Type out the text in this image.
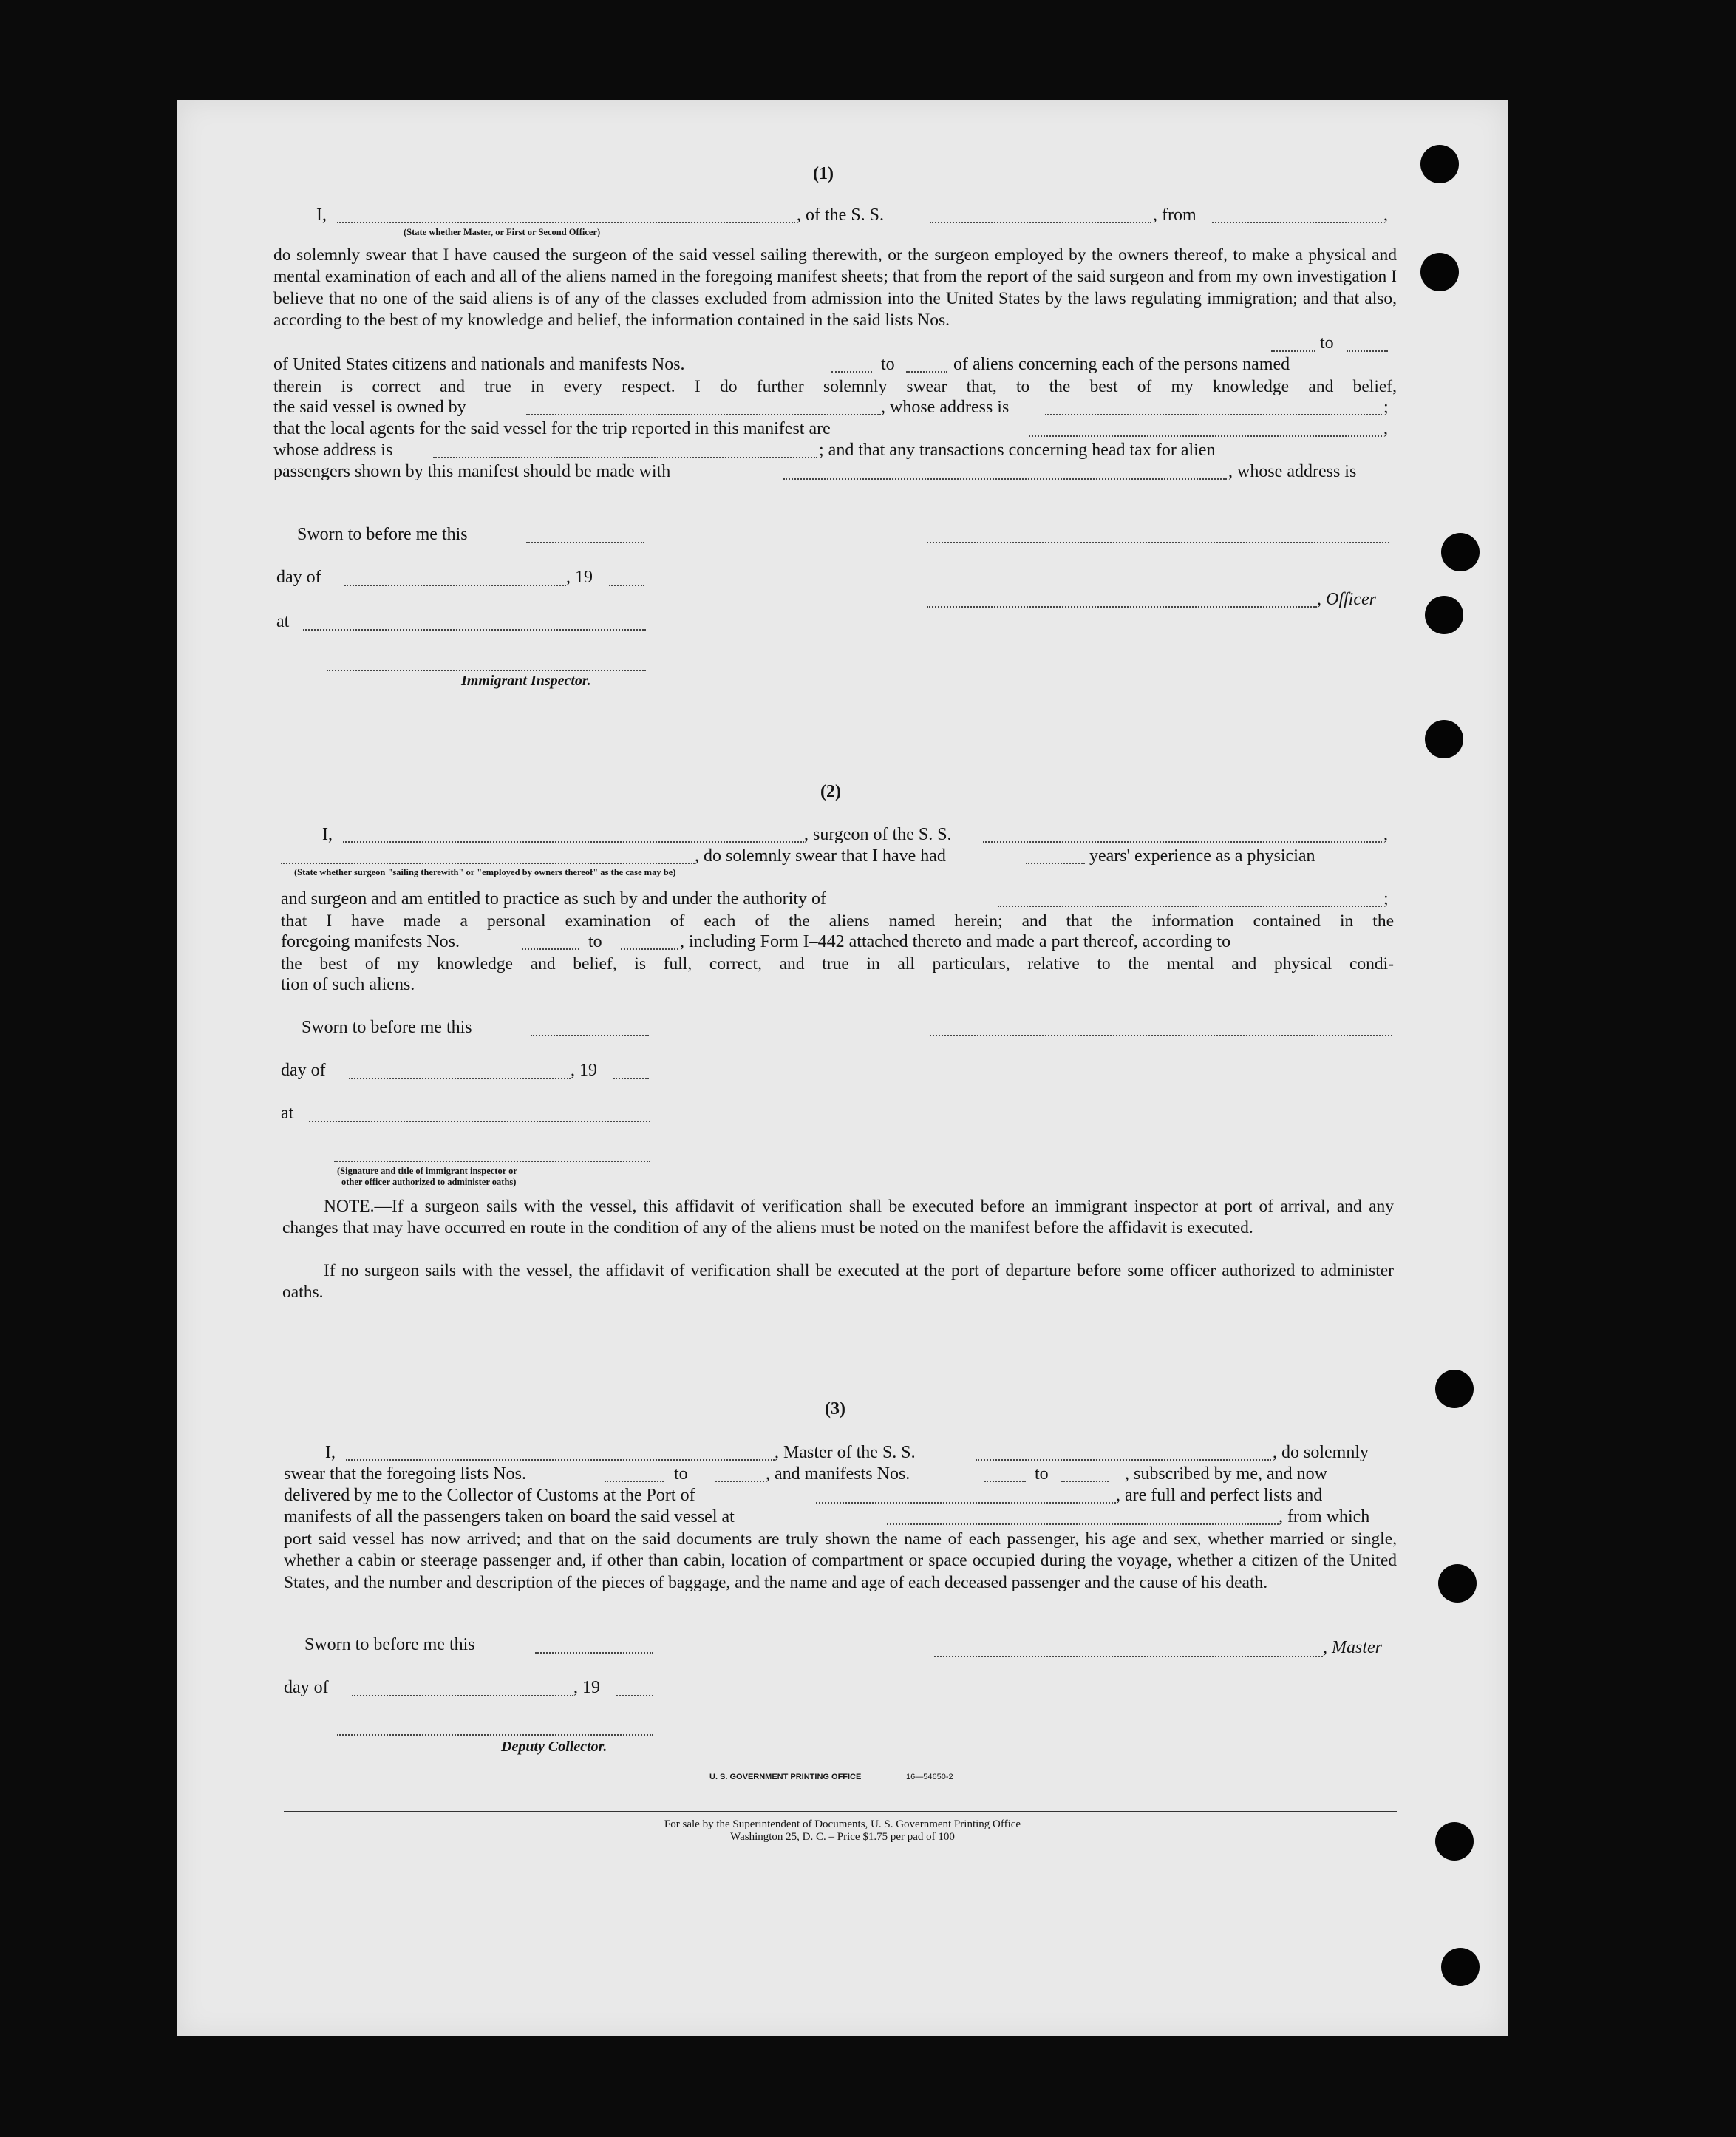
(1)
I,	, of the S. S.	, from	,
(State whether Master, or First or Second Officer)
do solemnly swear that I have caused the surgeon of the said vessel sailing therewith, or the surgeon employed by the owners thereof, to make a physical and mental examination of each and all of the aliens named in the foregoing manifest sheets; that from the report of the said surgeon and from my own investigation I believe that no one of the said aliens is of any of the classes excluded from admission into the United States by the laws regulating immigration; and that also, according to the best of my knowledge and belief, the information contained in the said lists Nos.
to
of United States citizens and nationals and manifests Nos.	to	of aliens concerning each of the persons named
therein is correct and true in every respect. I do further solemnly swear that, to the best of my knowledge and belief,
the said vessel is owned by	, whose address is	;
that the local agents for the said vessel for the trip reported in this manifest are	,
whose address is	; and that any transactions concerning head tax for alien
passengers shown by this manifest should be made with	, whose address is
Sworn to before me this
day of	, 19
, Officer
at
Immigrant Inspector.
(2)
I,	, surgeon of the S. S.	,
, do solemnly swear that I have had	years' experience as a physician
(State whether surgeon "sailing therewith" or "employed by owners thereof" as the case may be)
and surgeon and am entitled to practice as such by and under the authority of	;
that I have made a personal examination of each of the aliens named herein; and that the information contained in the
foregoing manifests Nos.	to	, including Form I–442 attached thereto and made a part thereof, according to
the best of my knowledge and belief, is full, correct, and true in all particulars, relative to the mental and physical condi-
tion of such aliens.
Sworn to before me this
day of	, 19
at
(Signature and title of immigrant inspector or
other officer authorized to administer oaths)
NOTE.—If a surgeon sails with the vessel, this affidavit of verification shall be executed before an immigrant inspector at port of arrival, and any changes that may have occurred en route in the condition of any of the aliens must be noted on the manifest before the affidavit is executed.
If no surgeon sails with the vessel, the affidavit of verification shall be executed at the port of departure before some officer authorized to administer oaths.
(3)
I,	, Master of the S. S.	, do solemnly
swear that the foregoing lists Nos.	to	, and manifests Nos.	to	, subscribed by me, and now
delivered by me to the Collector of Customs at the Port of	, are full and perfect lists and
manifests of all the passengers taken on board the said vessel at	, from which
port said vessel has now arrived; and that on the said documents are truly shown the name of each passenger, his age and sex, whether married or single, whether a cabin or steerage passenger and, if other than cabin, location of compartment or space occupied during the voyage, whether a citizen of the United States, and the number and description of the pieces of baggage, and the name and age of each deceased passenger and the cause of his death.
Sworn to before me this	, Master
day of	, 19
Deputy Collector.
U. S. GOVERNMENT PRINTING OFFICE	16—54650-2
For sale by the Superintendent of Documents, U. S. Government Printing Office
Washington 25, D. C. – Price $1.75 per pad of 100
